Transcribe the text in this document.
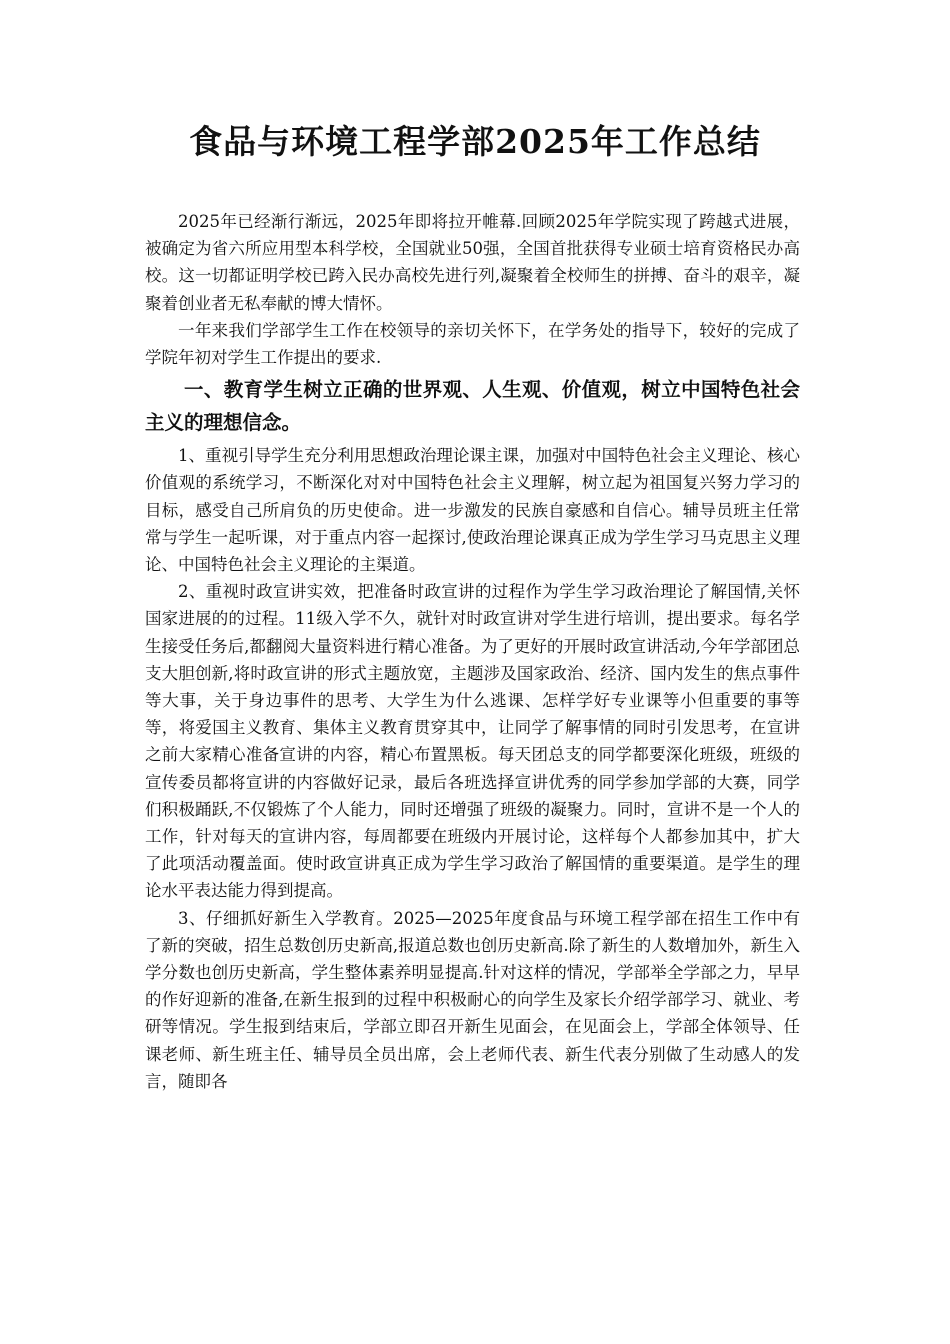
食品与环境工程学部2025年工作总结

2025年已经渐行渐远，2025年即将拉开帷幕.回顾2025年学院实现了跨越式进展，被确定为省六所应用型本科学校，全国就业50强，全国首批获得专业硕士培育资格民办高校。这一切都证明学校已跨入民办高校先进行列,凝聚着全校师生的拼搏、奋斗的艰辛，凝聚着创业者无私奉献的博大情怀。

一年来我们学部学生工作在校领导的亲切关怀下，在学务处的指导下，较好的完成了学院年初对学生工作提出的要求.

一、教育学生树立正确的世界观、人生观、价值观，树立中国特色社会主义的理想信念。

1、重视引导学生充分利用思想政治理论课主课，加强对中国特色社会主义理论、核心价值观的系统学习，不断深化对对中国特色社会主义理解，树立起为祖国复兴努力学习的目标，感受自己所肩负的历史使命。进一步激发的民族自豪感和自信心。辅导员班主任常常与学生一起听课，对于重点内容一起探讨,使政治理论课真正成为学生学习马克思主义理论、中国特色社会主义理论的主渠道。

2、重视时政宣讲实效，把准备时政宣讲的过程作为学生学习政治理论了解国情,关怀国家进展的的过程。11级入学不久，就针对时政宣讲对学生进行培训，提出要求。每名学生接受任务后,都翻阅大量资料进行精心准备。为了更好的开展时政宣讲活动,今年学部团总支大胆创新,将时政宣讲的形式主题放宽，主题涉及国家政治、经济、国内发生的焦点事件等大事，关于身边事件的思考、大学生为什么逃课、怎样学好专业课等小但重要的事等等，将爱国主义教育、集体主义教育贯穿其中，让同学了解事情的同时引发思考，在宣讲之前大家精心准备宣讲的内容，精心布置黑板。每天团总支的同学都要深化班级，班级的宣传委员都将宣讲的内容做好记录，最后各班选择宣讲优秀的同学参加学部的大赛，同学们积极踊跃,不仅锻炼了个人能力，同时还增强了班级的凝聚力。同时，宣讲不是一个人的工作，针对每天的宣讲内容，每周都要在班级内开展讨论，这样每个人都参加其中，扩大了此项活动覆盖面。使时政宣讲真正成为学生学习政治了解国情的重要渠道。是学生的理论水平表达能力得到提高。

3、仔细抓好新生入学教育。2025—2025年度食品与环境工程学部在招生工作中有了新的突破，招生总数创历史新高,报道总数也创历史新高.除了新生的人数增加外，新生入学分数也创历史新高，学生整体素养明显提高.针对这样的情况，学部举全学部之力，早早的作好迎新的准备,在新生报到的过程中积极耐心的向学生及家长介绍学部学习、就业、考研等情况。学生报到结束后，学部立即召开新生见面会，在见面会上，学部全体领导、任课老师、新生班主任、辅导员全员出席，会上老师代表、新生代表分别做了生动感人的发言，随即各
